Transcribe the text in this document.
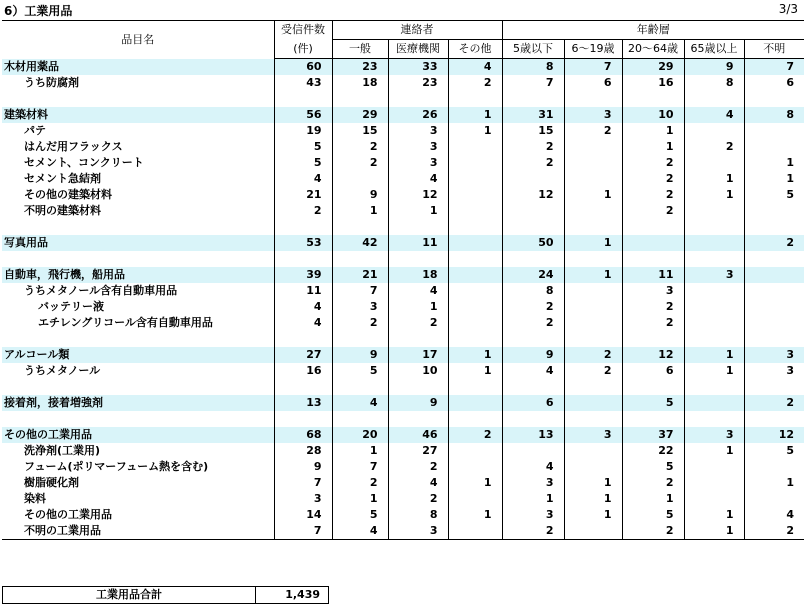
6）工業用品	3/3
品目名	受信件数	連絡者			年齢層				
	(件)	一般	医療機関	その他	5歳以下	6～19歳	20～64歳	65歳以上	不明
木材用薬品	60	23	33	4	8	7	29	9	7
うち防腐剤	43	18	23	2	7	6	16	8	6

建築材料	56	29	26	1	31	3	10	4	8
パテ	19	15	3	1	15	2	1		
はんだ用フラックス	5	2	3		2		1	2	
セメント、コンクリート	5	2	3		2		2		1
セメント急結剤	4		4				2	1	1
その他の建築材料	21	9	12		12	1	2	1	5
不明の建築材料	2	1	1				2		

写真用品	53	42	11		50	1			2

自動車，飛行機，船用品	39	21	18		24	1	11	3	
うちメタノール含有自動車用品	11	7	4		8		3		
バッテリー液	4	3	1		2		2		
エチレングリコール含有自動車用品	4	2	2		2		2		

アルコール類	27	9	17	1	9	2	12	1	3
うちメタノール	16	5	10	1	4	2	6	1	3

接着剤，接着増強剤	13	4	9		6		5		2

その他の工業用品	68	20	46	2	13	3	37	3	12
洗浄剤(工業用)	28	1	27				22	1	5
フューム(ポリマーフューム熱を含む)	9	7	2		4		5		
樹脂硬化剤	7	2	4	1	3	1	2		1
染料	3	1	2		1	1	1		
その他の工業用品	14	5	8	1	3	1	5	1	4
不明の工業用品	7	4	3		2		2	1	2
工業用品合計	1,439
